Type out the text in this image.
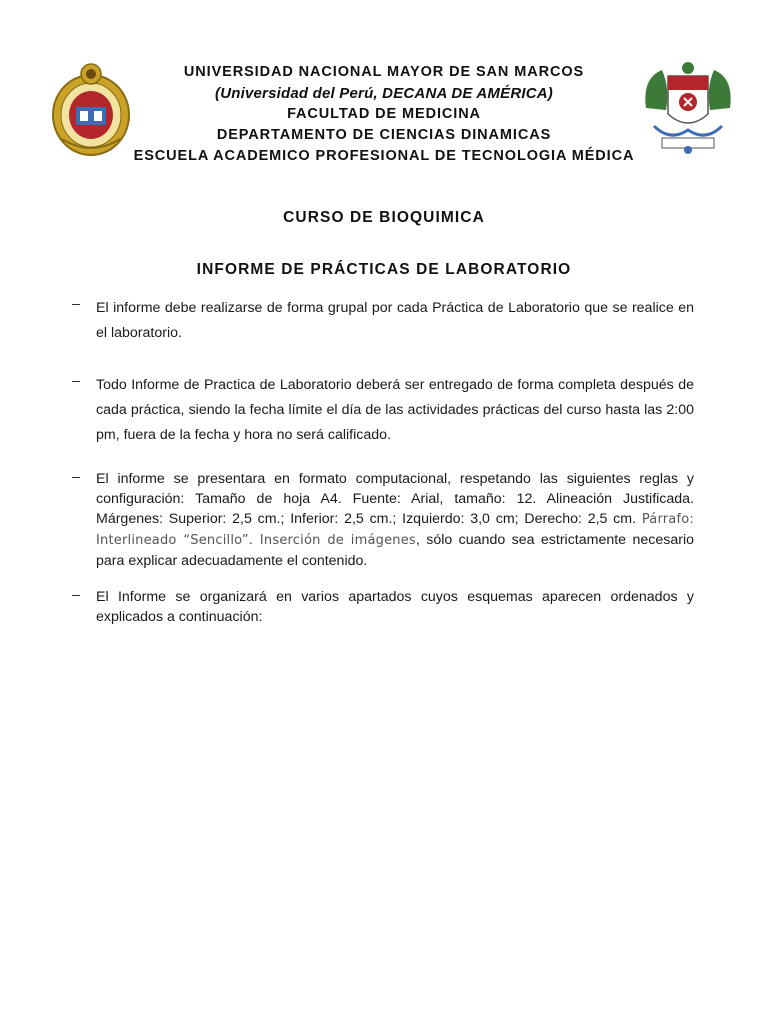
UNIVERSIDAD NACIONAL MAYOR DE SAN MARCOS
(Universidad del Perú, DECANA DE AMÉRICA)
FACULTAD DE MEDICINA
DEPARTAMENTO DE CIENCIAS DINAMICAS
ESCUELA ACADEMICO PROFESIONAL DE TECNOLOGIA MÉDICA
CURSO DE BIOQUIMICA
INFORME DE PRÁCTICAS DE LABORATORIO
–	El informe debe realizarse de forma grupal por cada Práctica de Laboratorio que se realice en el laboratorio.
–	Todo Informe de Practica de Laboratorio deberá ser entregado de forma completa después de cada práctica, siendo la fecha límite el día de las actividades prácticas del curso hasta las 2:00 pm, fuera de la fecha y hora no será calificado.
–	El informe se presentara en formato computacional, respetando las siguientes reglas y configuración: Tamaño de hoja A4. Fuente: Arial, tamaño: 12. Alineación Justificada. Márgenes: Superior: 2,5 cm.; Inferior: 2,5 cm.; Izquierdo: 3,0 cm; Derecho: 2,5 cm. Párrafo: Interlineado “Sencillo”. Inserción de imágenes, sólo cuando sea estrictamente necesario para explicar adecuadamente el contenido.
–	El Informe se organizará en varios apartados cuyos esquemas aparecen ordenados y explicados a continuación:
